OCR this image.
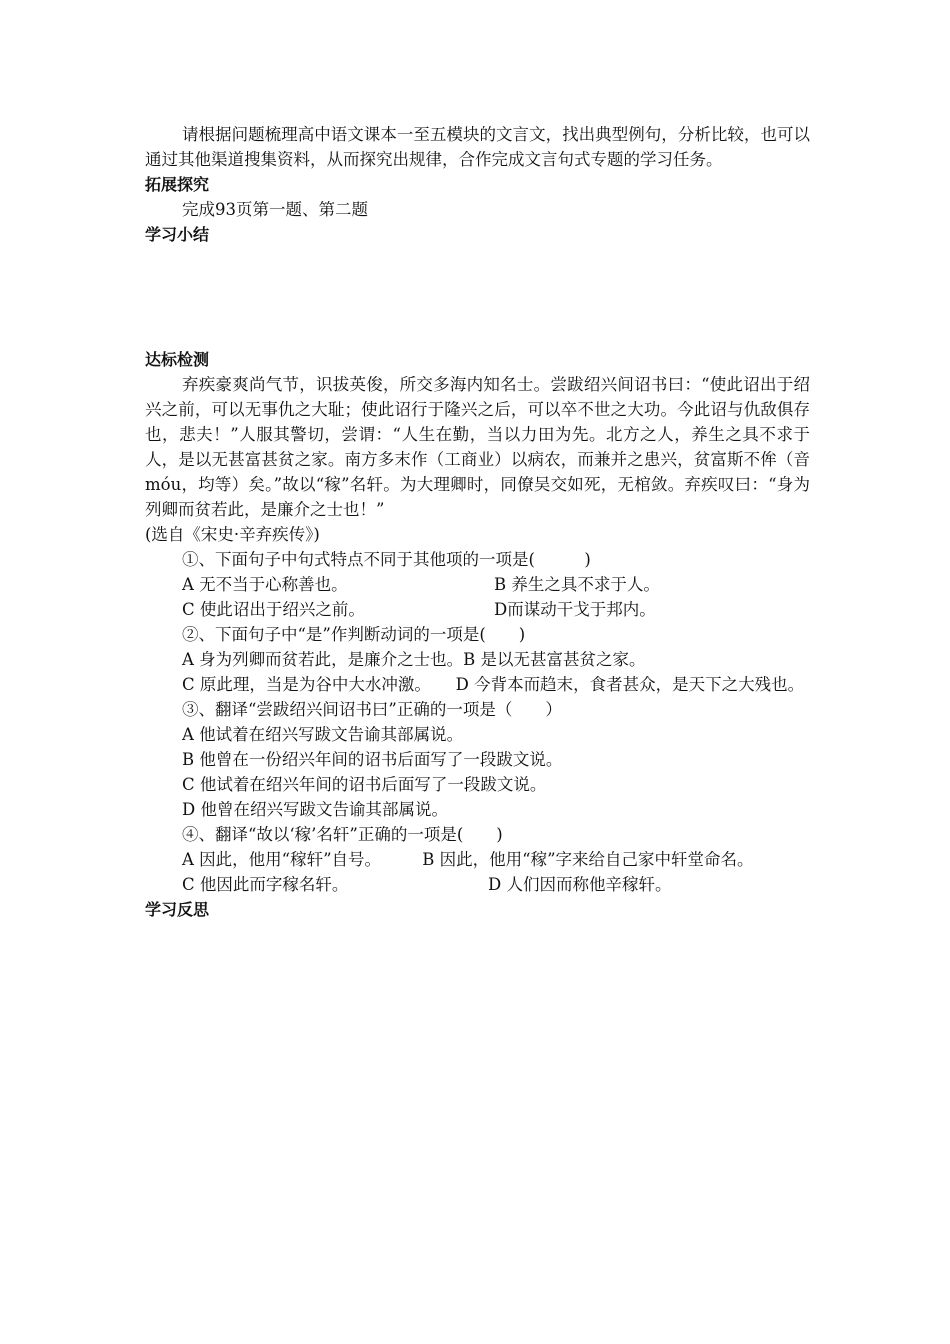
请根据问题梳理高中语文课本一至五模块的文言文，找出典型例句，分析比较，也可以通过其他渠道搜集资料，从而探究出规律，合作完成文言句式专题的学习任务。

拓展探究

完成93页第一题、第二题

学习小结

达标检测

弃疾豪爽尚气节，识拔英俊，所交多海内知名士。尝跋绍兴间诏书曰：“使此诏出于绍兴之前，可以无事仇之大耻；使此诏行于隆兴之后，可以卒不世之大功。今此诏与仇敌俱存也，悲夫！”人服其警切，尝谓：“人生在勤，当以力田为先。北方之人，养生之具不求于人，是以无甚富甚贫之家。南方多末作（工商业）以病农，而兼并之患兴，贫富斯不侔（音móu，均等）矣。”故以“稼”名轩。为大理卿时，同僚吴交如死，无棺敛。弃疾叹曰：“身为列卿而贫若此，是廉介之士也！”

(选自《宋史·辛弃疾传》)

①、下面句子中句式特点不同于其他项的一项是(　　　)

A 无不当于心称善也。	B 养生之具不求于人。
C 使此诏出于绍兴之前。	D而谋动干戈于邦内。

②、下面句子中“是”作判断动词的一项是(　　)

A 身为列卿而贫若此，是廉介之士也。 B 是以无甚富甚贫之家。

C 原此理，当是为谷中大水冲激。　　 D 今背本而趋末，食者甚众，是天下之大残也。

③、翻译“尝跋绍兴间诏书曰”正确的一项是（　　）

A 他试着在绍兴写跋文告谕其部属说。

B 他曾在一份绍兴年间的诏书后面写了一段跋文说。

C 他试着在绍兴年间的诏书后面写了一段跋文说。

D 他曾在绍兴写跋文告谕其部属说。

④、翻译“故以‘稼’名轩”正确的一项是(　　)

A 因此，他用“稼轩”自号。　　　	B 因此，他用“稼”字来给自己家中轩堂命名。

C 他因此而字稼名轩。	D 人们因而称他辛稼轩。

学习反思
